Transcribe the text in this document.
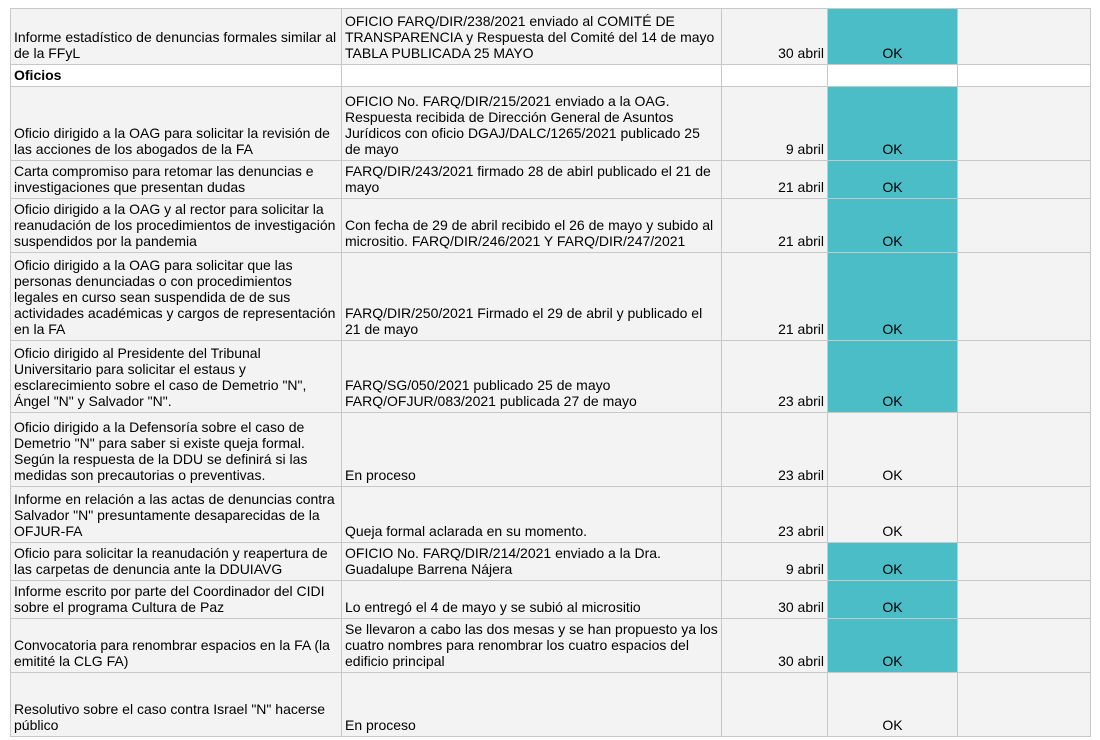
Informe estadístico de denuncias formales similar al de la FFyL	OFICIO FARQ/DIR/238/2021 enviado al COMITÉ DE TRANSPARENCIA y Respuesta del Comité del 14 de mayo TABLA PUBLICADA 25 MAYO	30 abril	OK	
Oficios				
Oficio dirigido a la OAG para solicitar la revisión de las acciones de los abogados de la FA	OFICIO No. FARQ/DIR/215/2021 enviado a la OAG. Respuesta recibida de Dirección General de Asuntos Jurídicos con oficio DGAJ/DALC/1265/2021 publicado 25 de mayo	9 abril	OK	
Carta compromiso para retomar las denuncias e investigaciones que presentan dudas	FARQ/DIR/243/2021 firmado 28 de abirl publicado el 21 de mayo	21 abril	OK	
Oficio dirigido a la OAG y al rector para solicitar la reanudación de los procedimientos de investigación suspendidos por la pandemia	Con fecha de 29 de abril recibido el 26 de mayo y subido al micrositio. FARQ/DIR/246/2021 Y FARQ/DIR/247/2021	21 abril	OK	
Oficio dirigido a la OAG para solicitar que las personas denunciadas o con procedimientos legales en curso sean suspendida de de sus actividades académicas y cargos de representación en la FA	FARQ/DIR/250/2021 Firmado el 29 de abril y publicado el 21 de mayo	21 abril	OK	
Oficio dirigido al Presidente del Tribunal Universitario para solicitar el estaus y esclarecimiento sobre el caso de Demetrio "N", Ángel "N" y Salvador "N".	FARQ/SG/050/2021 publicado 25 de mayo FARQ/OFJUR/083/2021 publicada 27 de mayo	23 abril	OK	
Oficio dirigido a la Defensoría sobre el caso de Demetrio "N" para saber si existe queja formal. Según la respuesta de la DDU se definirá si las medidas son precautorias o preventivas.	En proceso	23 abril	OK	
Informe en relación a las actas de denuncias contra Salvador "N" presuntamente desaparecidas de la OFJUR-FA	Queja formal aclarada en su momento.	23 abril	OK	
Oficio para solicitar la reanudación y reapertura de las carpetas de denuncia ante la DDUIAVG	OFICIO No. FARQ/DIR/214/2021 enviado a la Dra. Guadalupe Barrena Nájera	9 abril	OK	
Informe escrito por parte del Coordinador del CIDI sobre el programa Cultura de Paz	Lo entregó el 4 de mayo y se subió al micrositio	30 abril	OK	
Convocatoria para renombrar espacios en la FA (la emitité la CLG FA)	Se llevaron a cabo las dos mesas y se han propuesto ya los cuatro nombres para renombrar los cuatro espacios del edificio principal	30 abril	OK	
Resolutivo sobre el caso contra Israel "N" hacerse público	En proceso		OK	
